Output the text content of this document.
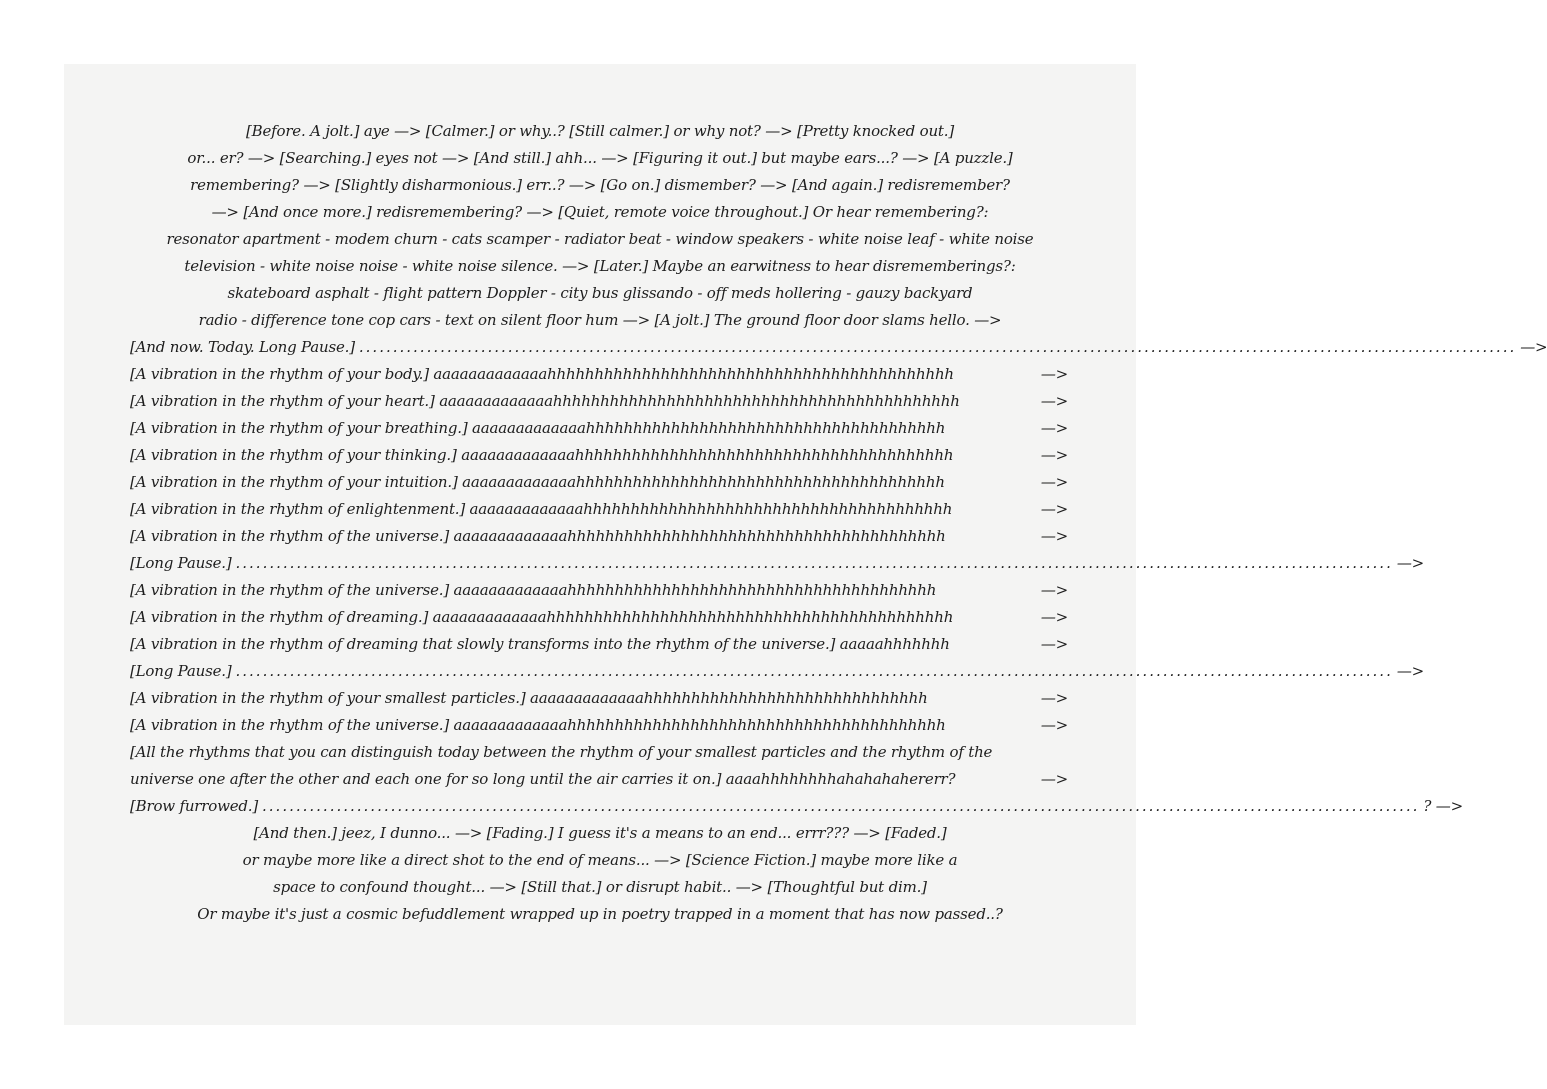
[Before. A jolt.] aye —> [Calmer.] or why..? [Still calmer.] or why not? —> [Pretty knocked out.]
or... er? —> [Searching.] eyes not —> [And still.] ahh... —> [Figuring it out.] but maybe ears...? —> [A puzzle.]
remembering? —> [Slightly disharmonious.] err..? —> [Go on.] dismember? —> [And again.] redisremember?
—> [And once more.] redisremembering? —> [Quiet, remote voice throughout.] Or hear remembering?:
resonator apartment - modem churn - cats scamper - radiator beat - window speakers - white noise leaf - white noise
television - white noise noise - white noise silence. —> [Later.] Maybe an earwitness to hear disrememberings?:
skateboard asphalt - flight pattern Doppler - city bus glissando - off meds hollering - gauzy backyard
radio - difference tone cop cars - text on silent floor hum —> [A jolt.] The ground floor door slams hello. —>
[And now. Today. Long Pause.] ........................................................................................................................................................................... —>
[A vibration in the rhythm of your body.] aaaaaaaaaaaaahhhhhhhhhhhhhhhhhhhhhhhhhhhhhhhhhhhhhhhhhhh	—>
[A vibration in the rhythm of your heart.] aaaaaaaaaaaaahhhhhhhhhhhhhhhhhhhhhhhhhhhhhhhhhhhhhhhhhhh	—>
[A vibration in the rhythm of your breathing.] aaaaaaaaaaaaahhhhhhhhhhhhhhhhhhhhhhhhhhhhhhhhhhhhhh	—>
[A vibration in the rhythm of your thinking.] aaaaaaaaaaaaahhhhhhhhhhhhhhhhhhhhhhhhhhhhhhhhhhhhhhhh	—>
[A vibration in the rhythm of your intuition.] aaaaaaaaaaaaahhhhhhhhhhhhhhhhhhhhhhhhhhhhhhhhhhhhhhh	—>
[A vibration in the rhythm of enlightenment.] aaaaaaaaaaaaahhhhhhhhhhhhhhhhhhhhhhhhhhhhhhhhhhhhhhh	—>
[A vibration in the rhythm of the universe.] aaaaaaaaaaaaahhhhhhhhhhhhhhhhhhhhhhhhhhhhhhhhhhhhhhhh	—>
[Long Pause.] ........................................................................................................................................................................... —>
[A vibration in the rhythm of the universe.] aaaaaaaaaaaaahhhhhhhhhhhhhhhhhhhhhhhhhhhhhhhhhhhhhhh	—>
[A vibration in the rhythm of dreaming.] aaaaaaaaaaaaahhhhhhhhhhhhhhhhhhhhhhhhhhhhhhhhhhhhhhhhhhh	—>
[A vibration in the rhythm of dreaming that slowly transforms into the rhythm of the universe.] aaaaahhhhhhh	—>
[Long Pause.] ........................................................................................................................................................................... —>
[A vibration in the rhythm of your smallest particles.] aaaaaaaaaaaaahhhhhhhhhhhhhhhhhhhhhhhhhhhhhh	—>
[A vibration in the rhythm of the universe.] aaaaaaaaaaaaahhhhhhhhhhhhhhhhhhhhhhhhhhhhhhhhhhhhhhhh	—>
[All the rhythms that you can distinguish today between the rhythm of your smallest particles and the rhythm of the
universe one after the other and each one for so long until the air carries it on.] aaaahhhhhhhhahahahahererr?	—>
[Brow furrowed.] ........................................................................................................................................................................... ? —>
[And then.] jeez, I dunno... —> [Fading.] I guess it's a means to an end... errr??? —> [Faded.]
or maybe more like a direct shot to the end of means... —> [Science Fiction.] maybe more like a
space to confound thought... —> [Still that.] or disrupt habit.. —> [Thoughtful but dim.]
Or maybe it's just a cosmic befuddlement wrapped up in poetry trapped in a moment that has now passed..?
